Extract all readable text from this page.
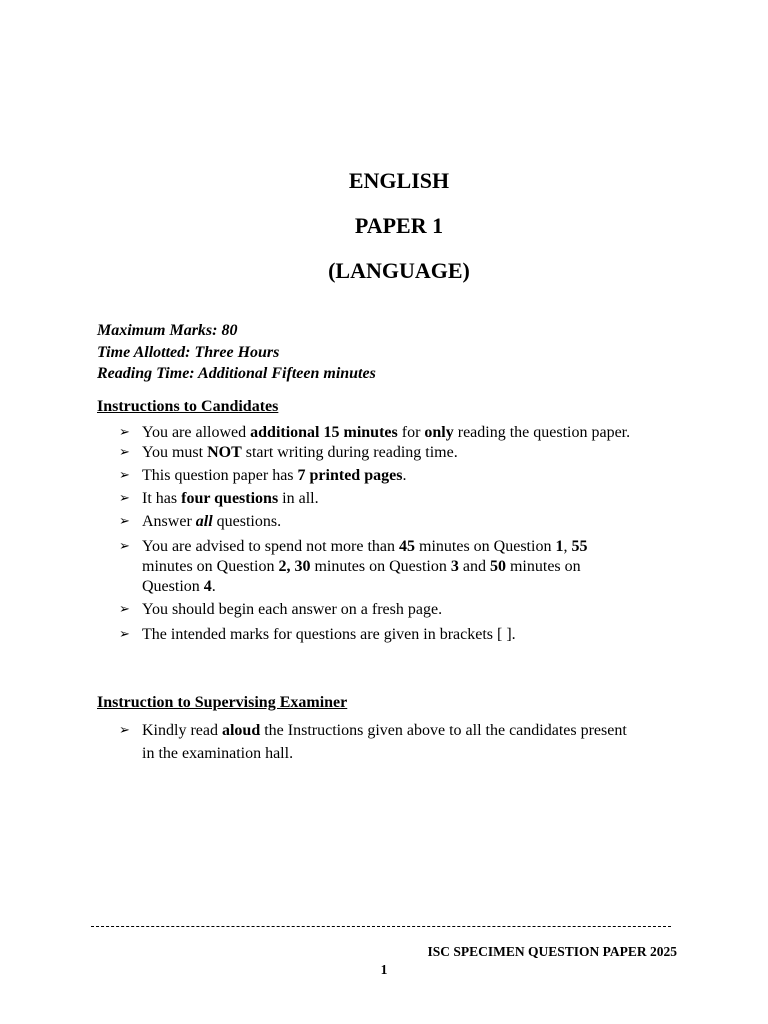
ENGLISH
PAPER 1
(LANGUAGE)
Maximum Marks: 80
Time Allotted: Three Hours
Reading Time: Additional Fifteen minutes
Instructions to Candidates
➢ You are allowed additional 15 minutes for only reading the question paper.
➢ You must NOT start writing during reading time.
➢ This question paper has 7 printed pages.
➢ It has four questions in all.
➢ Answer all questions.
➢ You are advised to spend not more than 45 minutes on Question 1, 55 minutes on Question 2, 30 minutes on Question 3 and 50 minutes on Question 4.
➢ You should begin each answer on a fresh page.
➢ The intended marks for questions are given in brackets [ ].
Instruction to Supervising Examiner
➢ Kindly read aloud the Instructions given above to all the candidates present in the examination hall.
ISC SPECIMEN QUESTION PAPER 2025
1
